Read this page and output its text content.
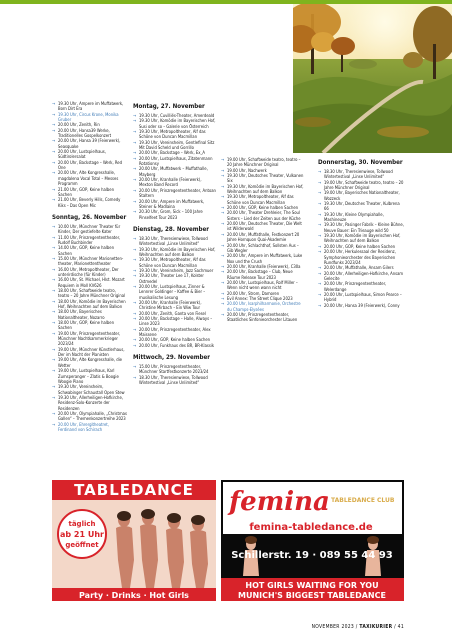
→ 19.30 Uhr, Ampere im Muffatwerk, Born Dirt Era
→ 19.30 Uhr, Circus Krone, Monika Gruber
→ 20.00 Uhr, Zenith, Rin
→ 20.00 Uhr, Hansa39 Werke, Traditionelles Gospelkonzert
→ 20.00 Uhr, Hansa 39 (Feierwerk), Seasquake
→ 20.00 Uhr, Lustspielhaus, Südtirolersalat
→ 20.00 Uhr, Backstage – Werk, Red One
→ 20.00 Uhr, Alte Kongresshalle, magdalena Vocal Total – Messes Programm
→ 21.00 Uhr, GOP, Keine halben Sachen
→ 21.00 Uhr, Beverly Hills, Comedy Kiks – Das Open Mic
Sonntag, 26. November
→ 10.00 Uhr, Münchner Theater für Kinder, Der gestiefelte Kater
→ 11.00 Uhr, Prinzregententheater, Rudolf Buchbinder
→ 14.00 Uhr, GOP, Keine halben Sachen
→ 15.00 Uhr, Münchner Marionetten-theater, Marionettentheater
→ 16.00 Uhr, Metropoltheater, Der unterirdische (für Kinder)
→ 16.00 Uhr, St. Michael, Hlst. Mozart Requiem in Moll KV626
→ 18.00 Uhr, Schaftweide teatro, teatro – 20 Jahre Münchner Original
→ 18.00 Uhr, Komödie im Bayerischen Hof, Weihnachten auf dem Balkon
→ 18.00 Uhr, Bayerisches Nationaltheater, Nozarro
→ 18.00 Uhr, GOP, Keine halben Sachen
→ 19.00 Uhr, Prinzregententheater, Münchner Nachtkammerkrieger 2023/24
→ 19.00 Uhr, Münchner Künstlerhaus, Der im Nacht der Planisten
→ 19.00 Uhr, Alte Kongresshalle, die Wetter
→ 19.00 Uhr, Lustspielhaus, Karl Zumsperanger – Zlatis & Boogie Woogie Piano
→ 19.30 Uhr, Vereinsheim, Schwabinger Schaustall Open Stew
→ 19.30 Uhr, Allerheiligen-Hofkirche, Residenz-Solo-Konzerte der Residenzen
→ 20.00 Uhr, Olympiahalle, „Christmas Gallen“ – Themenkonzertreihe 2023
→ 20.00 Uhr, Ehrergitheatret, Ferdinand von Schirach
Montag, 27. November
→ 19.30 Uhr, Cuvilliés-Theater, Amerdeald
→ 19.30 Uhr, Komödie im Bayerischen Hof, Susi oder so – Galerie von Österreich
→ 19.30 Uhr, Metropoltheater, Alf das Schöne von Duncan Macmillan
→ 19.30 Uhr, Vereinsheim, Gentlefinal Sitz Mit David Scheld und Gorrillo
→ 20.00 Uhr, Backstage – Werk, Ex_A
→ 20.00 Uhr, Lustspielhaus, Zitatenmann Rotationsy
→ 20.00 Uhr, Muffatwerk – Muffathalle, Mayberg
→ 20.00 Uhr, Kranhalle (Feierwerk), Mexton Band Record
→ 20.00 Uhr, Prinzregententheater, Antoan Staltern
→ 20.00 Uhr, Ampere im Muffatwerk, Steiner & Madlaina
→ 20.30 Uhr, Grom, Sick – 100 Jahre Pinselfeet Tour 2023
Dienstag, 28. November
→ 18.30 Uhr, Theresienwiese, Tollwood Wintertestival „Linse Unlimited“
→ 19.30 Uhr, Komödie im Bayerischen Hof, Weihnachten auf dem Balkon
→ 19.30 Uhr, Metropoltheater, Alf das Schöne von Duncan Macmillan
→ 19.30 Uhr, Vereinsheim, Jazz Sachmuer
→ 19.30 Uhr, Theater Lee 17, Kolster Ostmedel
→ 20.00 Uhr, Lustspielhaus, Zinner & Lennrer Goldinger – Kaffee & Bier – musikalische Lesung
→ 20.00 Uhr, Kranhalle (Feierwerk), Christine Mirbach – Ein Wiw Tour
→ 20.00 Uhr, Zenith, Ganta von Fiesel
→ 20.00 Uhr, Backstage – Halle, Always – Linse 2023
→ 20.00 Uhr, Prinzregententheater, Alex Maissene
→ 20.00 Uhr, GOP, Keine halben Sachen
→ 20.00 Uhr, Funkhaus des BR, BR-Klassik
Mittwoch, 29. November
→ 15.00 Uhr, Prinzregententheater, Münchner Startfestkonzerte 2023/24
→ 18.30 Uhr, Theresienwiese, Tollwood Wintertestival „Linse Unlimited“
→ 19.00 Uhr, Schaftweide teatro, teatro – 20 Jahre Münchner Original
→ 19.00 Uhr, Nachwerk
→ 19.30 Uhr, Deutsches Theater, Vulkanen Six
→ 19.30 Uhr, Komödie im Bayerischen Hof, Weihnachten auf dem Balkon
→ 19.30 Uhr, Metropoltheater, Alf das Schöne von Duncan Macmillan
→ 20.00 Uhr, GOP, Keine halben Sachen
→ 20.00 Uhr, Theater Drehleier, The Soul Sisters – Lied der Zeiten aus der Küche
→ 20.00 Uhr, Deutsches Theater, Die Welt ist Wilderwald
→ 20.00 Uhr, Muffathalle, Festkonzert 20 Jahre Hornquon Quai-Akademie
→ 20.00 Uhr, Schlachthof, Sollsten Aus – Gib Wegler
→ 20.00 Uhr, Ampere im Muffatwerk, Luke Nox und the Crush
→ 20.00 Uhr, Kranhalle (Feierwerk), C30a
→ 20.00 Uhr, Backstage – Club, Neue Räume Release Tour 2023
→ 20.00 Uhr, Lustspielhaus, Rolf Miller – Wenn nicht wenn wann nicht
→ 20.00 Uhr, Strom, Damoren
→ Evil Annex: The Street Clique 2023
→ 20.00 Uhr, Isarphilharmonie, Orchestre du Champs-Elysées
→ 20.00 Uhr, Prinzregententheater, Staatliches Sinfonieorchester Litauen
Donnerstag, 30. November
→ 18.30 Uhr, Theresienwiese, Tollwood Wintertestival „Linse Unlimited“
→ 19.00 Uhr, Schaftweide teatro, teatro – 20 Jahre Münchner Original
→ 19.00 Uhr, Bayerisches Nationaltheater, Wozzeck
→ 19.30 Uhr, Deutsches Theater, Kulbrena 66
→ 19.30 Uhr, Kleine Olympiahalle, Mashineuze
→ 19.30 Uhr, Pasinger Fabrik – Kleine Bühne, Neuve Bauer: Ein Trieauge wild 50
→ 19.30 Uhr, Komödie im Bayerischen Hof, Weihnachten auf dem Balkon
→ 20.00 Uhr, GOP, Keine halben Sachen
→ 20.00 Uhr, Herkulessaal der Residenz, Symphonieorchester des Bayerischen Rundfunks 2023/24
→ 20.00 Uhr, Muffathalle, Ansam Gilers
→ 20.00 Uhr, Allerheiligen-Hofkirche, Ansam Gelecite
→ 20.00 Uhr, Prinzregententheater, Welerdange
→ 20.00 Uhr, Lustspielhaus, Simon Pearce – Hybrid
→ 20.00 Uhr, Hansa 39 (Feierwerk), Conny
TABLEDANCE
täglich
ab 21 Uhr
geöffnet
Party · Drinks · Hot Girls
femina TABLEDANCE CLUB
femina-tabledance.de
Schillerstr. 19 · 089 55 44 93
HOT GIRLS WAITING FOR YOU
MUNICH'S BIGGEST TABLEDANCE
NOVEMBER 2023 / TAXIKURIER / 41
